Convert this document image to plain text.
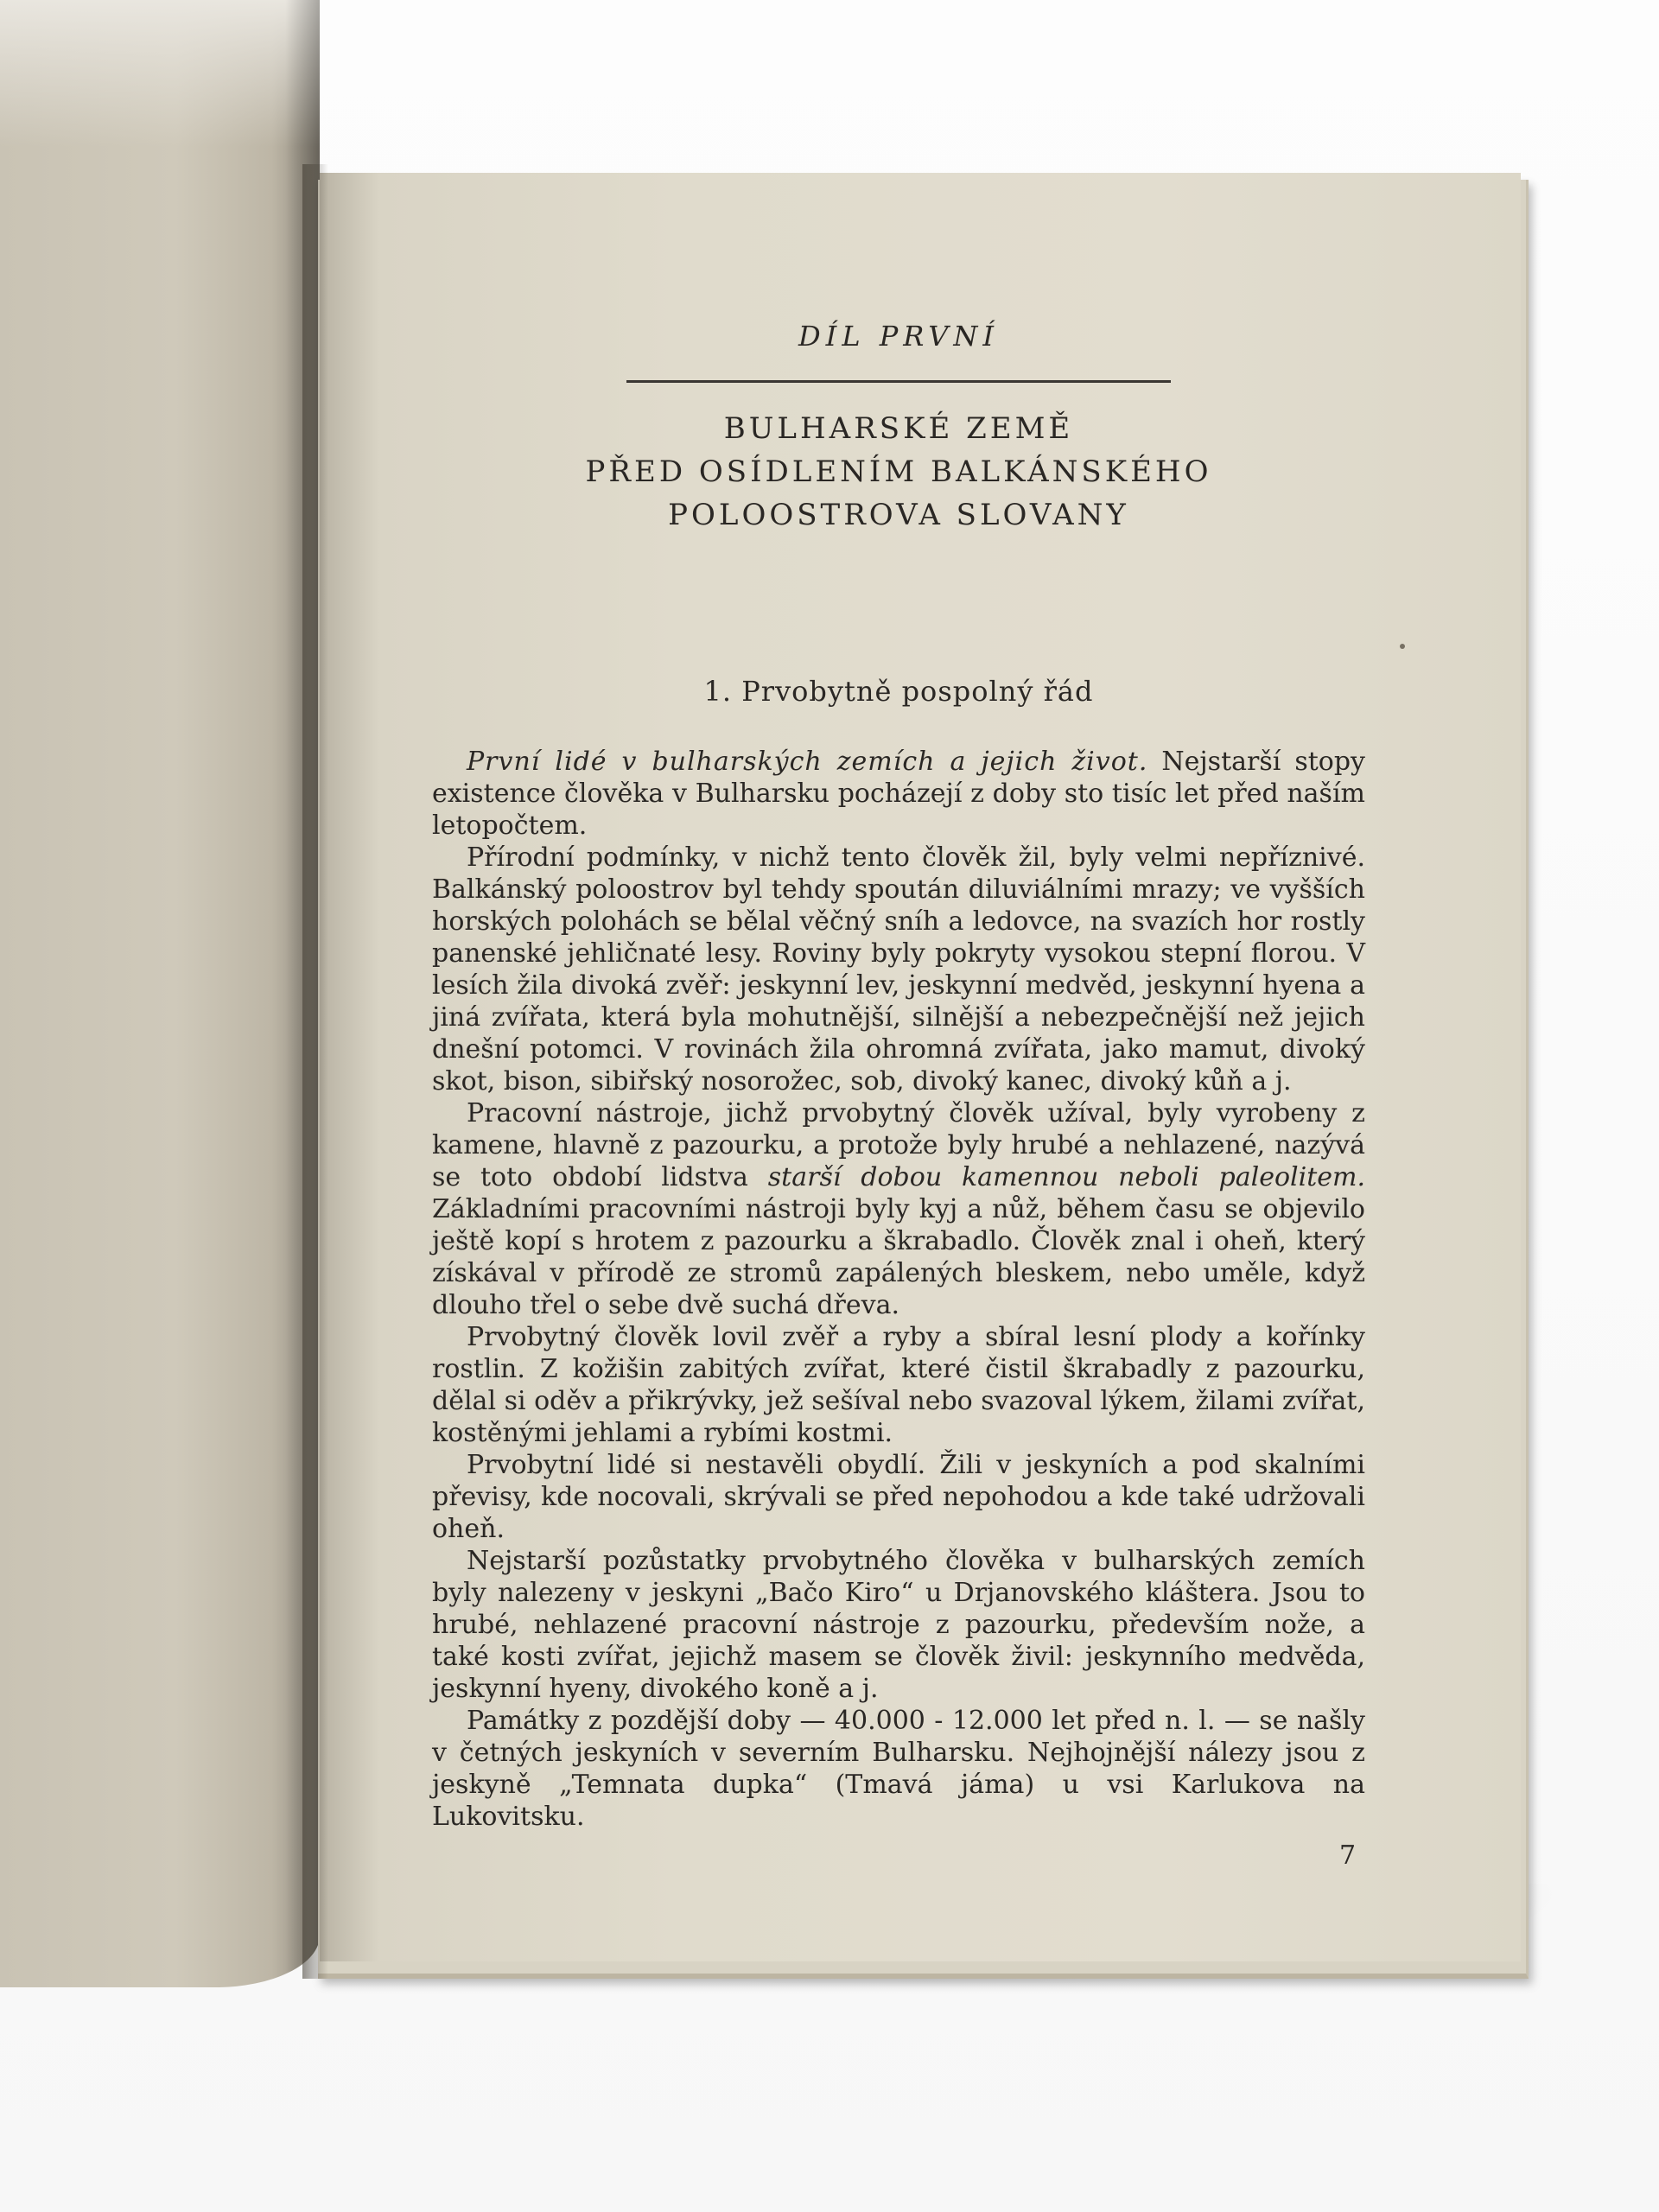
DÍL PRVNÍ
BULHARSKÉ ZEMĚ
PŘED OSÍDLENÍM BALKÁNSKÉHO
POLOOSTROVA SLOVANY
1. Prvobytně pospolný řád

První lidé v bulharských zemích a jejich život. Nejstarší stopy existence člověka v Bulharsku pocházejí z doby sto tisíc let před naším letopočtem.

Přírodní podmínky, v nichž tento člověk žil, byly velmi nepříznivé. Balkánský poloostrov byl tehdy spoután diluviálními mrazy; ve vyšších horských polohách se bělal věčný sníh a ledovce, na svazích hor rostly panenské jehličnaté lesy. Roviny byly pokryty vysokou stepní florou. V lesích žila divoká zvěř: jeskynní lev, jeskynní medvěd, jeskynní hyena a jiná zvířata, která byla mohutnější, silnější a nebezpečnější než jejich dnešní potomci. V rovinách žila ohromná zvířata, jako mamut, divoký skot, bison, sibiřský nosorožec, sob, divoký kanec, divoký kůň a j.

Pracovní nástroje, jichž prvobytný člověk užíval, byly vyrobeny z kamene, hlavně z pazourku, a protože byly hrubé a nehlazené, nazývá se toto období lidstva starší dobou kamennou neboli paleolitem. Základními pracovními nástroji byly kyj a nůž, během času se objevilo ještě kopí s hrotem z pazourku a škrabadlo. Člověk znal i oheň, který získával v přírodě ze stromů zapálených bleskem, nebo uměle, když dlouho třel o sebe dvě suchá dřeva.

Prvobytný člověk lovil zvěř a ryby a sbíral lesní plody a kořínky rostlin. Z kožišin zabitých zvířat, které čistil škrabadly z pazourku, dělal si oděv a přikrývky, jež sešíval nebo svazoval lýkem, žilami zvířat, kostěnými jehlami a rybími kostmi.

Prvobytní lidé si nestavěli obydlí. Žili v jeskyních a pod skalními převisy, kde nocovali, skrývali se před nepohodou a kde také udržovali oheň.

Nejstarší pozůstatky prvobytného člověka v bulharských zemích byly nalezeny v jeskyni „Bačo Kiro“ u Drjanovského kláštera. Jsou to hrubé, nehlazené pracovní nástroje z pazourku, především nože, a také kosti zvířat, jejichž masem se člověk živil: jeskynního medvěda, jeskynní hyeny, divokého koně a j.

Památky z pozdější doby — 40.000 - 12.000 let před n. l. — se našly v četných jeskyních v severním Bulharsku. Nejhojnější nálezy jsou z jeskyně „Temnata dupka“ (Tmavá jáma) u vsi Karlukova na Lukovitsku.

7
